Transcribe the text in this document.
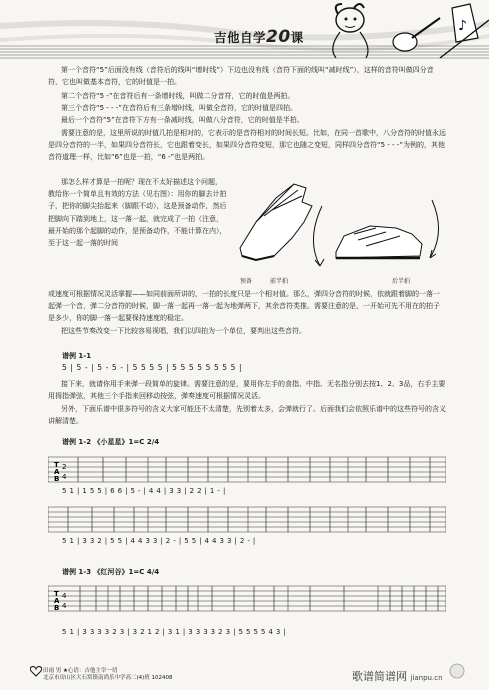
♪
吉他自学20课
第一个音符“5”后面没有线（音符后的线叫“增时线”）下边也没有线（音符下面的线叫“减时线”），这样的音符叫做四分音符，它也叫做基本音符，它的时值是一拍。
第二个音符“5 -”在音符后有一条增时线，叫做二分音符，它的时值是两拍。
第三个音符“5 - - -”在音符后有三条增时线，叫做全音符，它的时值是四拍。
最后一个音符“5”在音符下方有一条减时线，叫做八分音符，它的时值是半拍。
需要注意的是，这里所说的时值几拍是相对的，它表示的是音符相对的时间长短。比如，在同一首歌中，八分音符的时值永远是四分音符的一半，如果四分音符长，它也跟着变长，如果四分音符变短，那它也随之变短，同样四分音符“5 - - -”为例的，其他音符道理一样，比如“6”也是一拍，“6 -”也是两拍。
那怎么样才算是一拍呢？现在不太好描述这个问题，教给你一个简单且有效的方法（见右图）：用你的脚去计拍子，把你的脚尖抬起来（脚跟不动），这是预备动作，然后把脚向下踏到地上，这一落一起，就完成了一拍（注意，最开始的那个起脚的动作，是预备动作，不能计算在内），至于这一起一落的时间
或速度可根据情况灵活掌握——如同前面所讲的，一拍的长度只是一个相对值。那么，弹四分音符的时候，依就跟着脚的一落一起弹一个音，弹二分音符的时候，脚一落一起再一落一起为地弹两下，其余音符类推。需要注意的是，一开始可先不用在的拍子是多少，你的脚一落一起要保持速度的稳定。
把这些节奏改变一下比较容易视唱，我们以四拍为一个单位，要判出这些音符。
预备	前半拍	后半拍
谱例 1-1
5 | 5 - | 5 - 5 - | 5 5 5 5 | 5 5 5 5 5 5 5 5 |
接下来，就请你用手来弹一段简单的旋律。需要注意的是，要用你左手的食指、中指、无名指分别去按1、2、3品，右手主要用拇指弹弦，其他三个手指来回移动按弦，弹奏速度可根据情况灵活。
另外，下面乐谱中很多符号的含义大家可能还不太清楚，先别着太多，会弹就行了。后面我们会依照乐谱中的这些符号的含义讲解清楚。
谱例 1-2 《小星星》1=C 2/4
T
A
B
2
4
5 1 | 1 5 5 | 6 6 | 5 - | 4 4 | 3 3 | 2 2 | 1 - |
5 1 | 3 3 2 | 5 5 | 4 4 3 3 | 2 - | 5 5 | 4 4 3 3 | 2 - |
谱例 1-3 《红河谷》1=C 4/4
T
A
B
4
4
5 1 | 3 3 3 3 2 3 | 3 2 1 2 | 3 1 | 3 3 3 3 2 3 | 5 5 5 5 4 3 |
田雨 男 ★心语：吉他主宰一切
北京市房山区大石窝镇南尚乐中学高二(4)班 102408	歌谱简谱网 jianpu.cn
